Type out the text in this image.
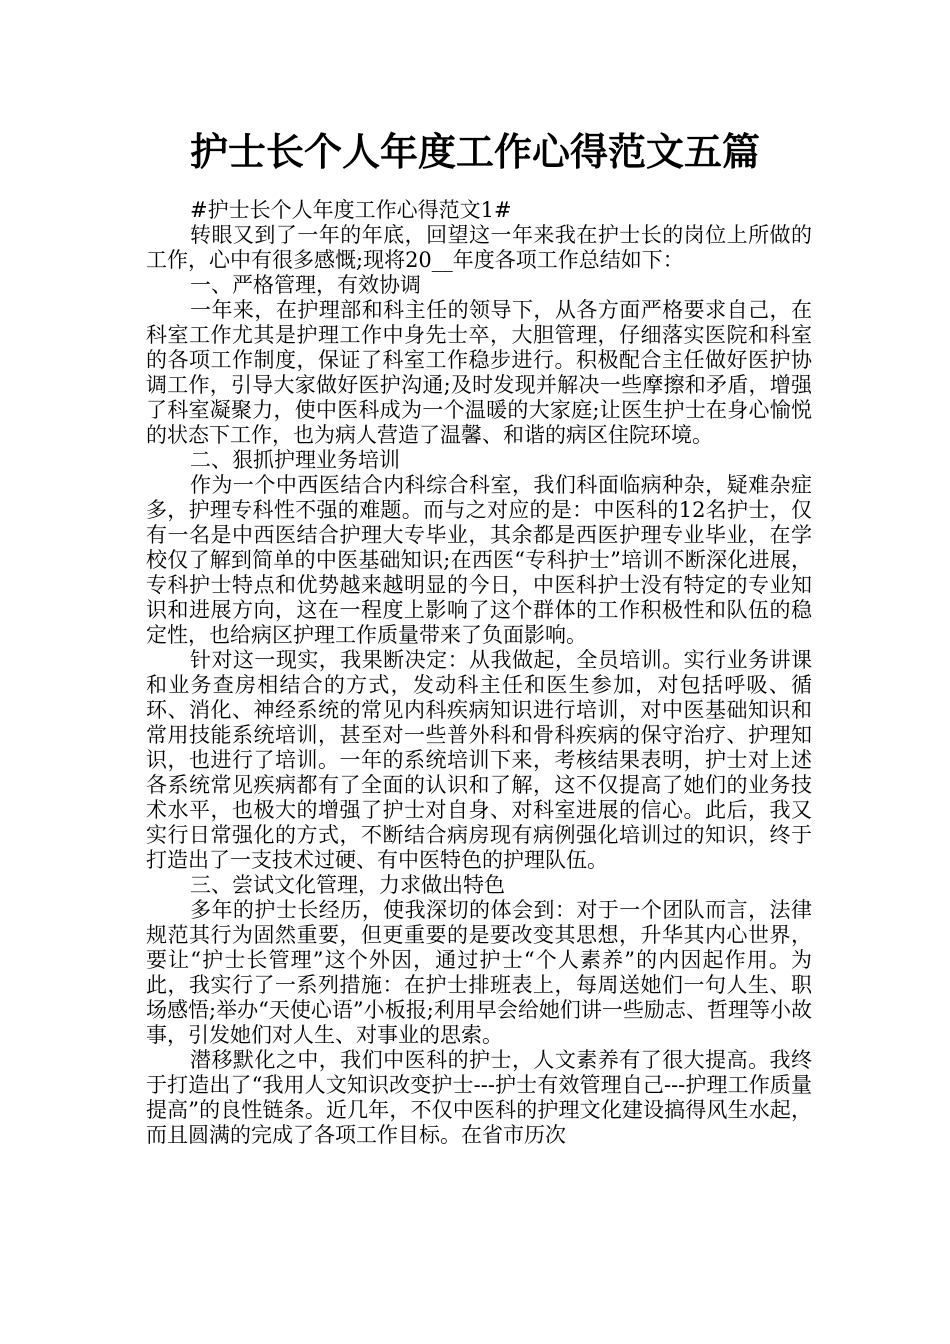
护士长个人年度工作心得范文五篇

#护士长个人年度工作心得范文1#

转眼又到了一年的年底，回望这一年来我在护士长的岗位上所做的工作，心中有很多感慨;现将20__年度各项工作总结如下：

一、严格管理，有效协调

一年来，在护理部和科主任的领导下，从各方面严格要求自己，在科室工作尤其是护理工作中身先士卒，大胆管理，仔细落实医院和科室的各项工作制度，保证了科室工作稳步进行。积极配合主任做好医护协调工作，引导大家做好医护沟通;及时发现并解决一些摩擦和矛盾，增强了科室凝聚力，使中医科成为一个温暖的大家庭;让医生护士在身心愉悦的状态下工作，也为病人营造了温馨、和谐的病区住院环境。

二、狠抓护理业务培训

作为一个中西医结合内科综合科室，我们科面临病种杂，疑难杂症多，护理专科性不强的难题。而与之对应的是：中医科的12名护士，仅有一名是中西医结合护理大专毕业，其余都是西医护理专业毕业，在学校仅了解到简单的中医基础知识;在西医“专科护士”培训不断深化进展，专科护士特点和优势越来越明显的今日，中医科护士没有特定的专业知识和进展方向，这在一程度上影响了这个群体的工作积极性和队伍的稳定性，也给病区护理工作质量带来了负面影响。

针对这一现实，我果断决定：从我做起，全员培训。实行业务讲课和业务查房相结合的方式，发动科主任和医生参加，对包括呼吸、循环、消化、神经系统的常见内科疾病知识进行培训，对中医基础知识和常用技能系统培训，甚至对一些普外科和骨科疾病的保守治疗、护理知识，也进行了培训。一年的系统培训下来，考核结果表明，护士对上述各系统常见疾病都有了全面的认识和了解，这不仅提高了她们的业务技术水平，也极大的增强了护士对自身、对科室进展的信心。此后，我又实行日常强化的方式，不断结合病房现有病例强化培训过的知识，终于打造出了一支技术过硬、有中医特色的护理队伍。

三、尝试文化管理，力求做出特色

多年的护士长经历，使我深切的体会到：对于一个团队而言，法律规范其行为固然重要，但更重要的是要改变其思想，升华其内心世界，要让“护士长管理”这个外因，通过护士“个人素养”的内因起作用。为此，我实行了一系列措施：在护士排班表上，每周送她们一句人生、职场感悟;举办“天使心语”小板报;利用早会给她们讲一些励志、哲理等小故事，引发她们对人生、对事业的思索。

潜移默化之中，我们中医科的护士，人文素养有了很大提高。我终于打造出了“我用人文知识改变护士---护士有效管理自己---护理工作质量提高”的良性链条。近几年，不仅中医科的护理文化建设搞得风生水起，而且圆满的完成了各项工作目标。在省市历次
